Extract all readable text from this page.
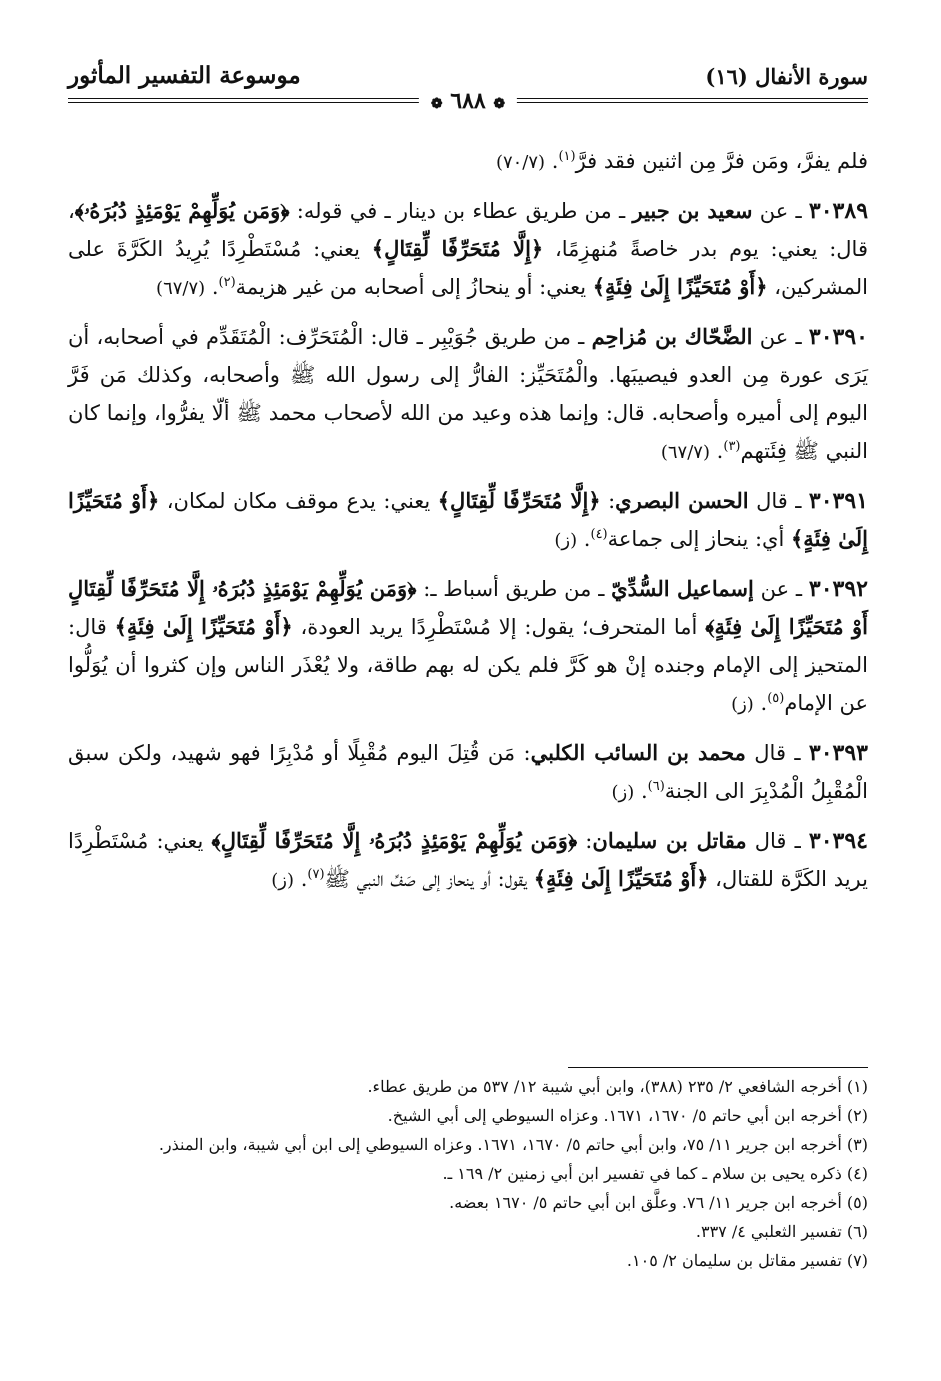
موسوعة التفسير المأثور	سورة الأنفال (١٦)
❁ ٦٨٨ ❁

فلم يفرَّ، ومَن فرَّ مِن اثنين فقد فرَّ$^{(١)}$. (٧٠/٧)

٣٠٣٨٩ ـ عن سعيد بن جبير ـ من طريق عطاء بن دينار ـ في قوله: ﴿وَمَن يُوَلِّهِمْ يَوْمَئِذٍ دُبُرَهُۥ﴾، قال: يعني: يوم بدر خاصةً مُنهزِمًا، ﴿إِلَّا مُتَحَرِّفًا لِّقِتَالٍ﴾ يعني: مُسْتَطْرِدًا يُرِيدُ الكَرَّةَ على المشركين، ﴿أَوْ مُتَحَيِّزًا إِلَىٰ فِئَةٍ﴾ يعني: أو ينحازُ إلى أصحابه من غير هزيمة$^{(٢)}$. (٦٧/٧)

٣٠٣٩٠ ـ عن الضَّحّاك بن مُزاحِم ـ من طريق جُوَيْبِر ـ قال: الْمُتَحَرِّف: الْمُتَقَدِّم في أصحابه، أن يَرَى عورة مِن العدو فيصيبَها. والْمُتَحَيِّز: الفارُّ إلى رسول الله ﷺ وأصحابه، وكذلك مَن فَرَّ اليوم إلى أميره وأصحابه. قال: وإنما هذه وعيد من الله لأصحاب محمد ﷺ ألّا يفرُّوا، وإنما كان النبي ﷺ فِئَتهم$^{(٣)}$. (٦٧/٧)

٣٠٣٩١ ـ قال الحسن البصري: ﴿إِلَّا مُتَحَرِّفًا لِّقِتَالٍ﴾ يعني: يدع موقف مكان لمكان، ﴿أَوْ مُتَحَيِّزًا إِلَىٰ فِئَةٍ﴾ أي: ينحاز إلى جماعة$^{(٤)}$. (ز)

٣٠٣٩٢ ـ عن إسماعيل السُّدِّيّ ـ من طريق أسباط ـ: ﴿وَمَن يُوَلِّهِمْ يَوْمَئِذٍ دُبُرَهُۥ إِلَّا مُتَحَرِّفًا لِّقِتَالٍ أَوْ مُتَحَيِّزًا إِلَىٰ فِئَةٍ﴾ أما المتحرف؛ يقول: إلا مُسْتَطْرِدًا يريد العودة، ﴿أَوْ مُتَحَيِّزًا إِلَىٰ فِئَةٍ﴾ قال: المتحيز إلى الإمام وجنده إنْ هو كَرَّ فلم يكن له بهم طاقة، ولا يُعْذَر الناس وإن كثروا أن يُوَلُّوا عن الإمام$^{(٥)}$. (ز)

٣٠٣٩٣ ـ قال محمد بن السائب الكلبي: مَن قُتِلَ اليوم مُقْبِلًا أو مُدْبِرًا فهو شهيد، ولكن سبق الْمُقْبِلُ الْمُدْبِرَ الى الجنة$^{(٦)}$. (ز)

٣٠٣٩٤ ـ قال مقاتل بن سليمان: ﴿وَمَن يُوَلِّهِمْ يَوْمَئِذٍ دُبُرَهُۥ إِلَّا مُتَحَرِّفًا لِّقِتَالٍ﴾ يعني: مُسْتَطْرِدًا يريد الكَرَّة للقتال، ﴿أَوْ مُتَحَيِّزًا إِلَىٰ فِئَةٍ﴾ يقول: أو ينحاز إلى صَفِّ النبي ﷺ$^{(٧)}$. (ز)

(١) أخرجه الشافعي ٢/ ٢٣٥ (٣٨٨)، وابن أبي شيبة ١٢/ ٥٣٧ من طريق عطاء.
(٢) أخرجه ابن أبي حاتم ٥/ ١٦٧٠، ١٦٧١. وعزاه السيوطي إلى أبي الشيخ.
(٣) أخرجه ابن جرير ١١/ ٧٥، وابن أبي حاتم ٥/ ١٦٧٠، ١٦٧١. وعزاه السيوطي إلى ابن أبي شيبة، وابن المنذر.
(٤) ذكره يحيى بن سلام ـ كما في تفسير ابن أبي زمنين ٢/ ١٦٩ ـ.
(٥) أخرجه ابن جرير ١١/ ٧٦. وعلَّق ابن أبي حاتم ٥/ ١٦٧٠ بعضه.
(٦) تفسير الثعلبي ٤/ ٣٣٧.
(٧) تفسير مقاتل بن سليمان ٢/ ١٠٥.
